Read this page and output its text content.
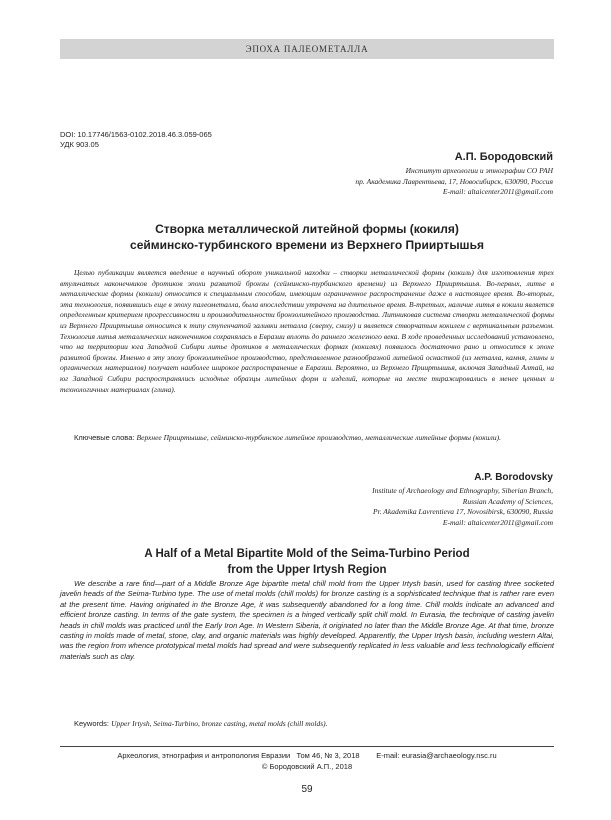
ЭПОХА ПАЛЕОМЕТАЛЛА
DOI: 10.17746/1563-0102.2018.46.3.059-065
УДК 903.05
А.П. Бородовский
Институт археологии и этнографии СО РАН
пр. Академика Лаврентьева, 17, Новосибирск, 630090, Россия
E-mail: altaicenter2011@gmail.com
Створка металлической литейной формы (кокиля)
сейминско-турбинского времени из Верхнего Прииртышья

Целью публикации является введение в научный оборот уникальной находки – створки металлической формы (кокиль) для изготовления трех втульчатых наконечников дротиков эпохи развитой бронзы (сейминско-турбинского времени) из Верхнего Прииртышья. Во-первых, литье в металлические формы (кокили) относится к специальным способам, имеющим ограниченное распространение даже в настоящее время. Во-вторых, эта технология, появившись еще в эпоху палеометалла, была впоследствии утрачена на длительное время. В-третьих, наличие литья в кокили является определенным критерием прогрессивности и производительности бронзолитейного производства. Литниковая система створки металлической формы из Верхнего Прииртышья относится к типу ступенчатой заливки металла (сверху, снизу) и является створчатым кокилем с вертикальным разъемом. Технология литья металлических наконечников сохранялась в Евразии вплоть до раннего железного века. В ходе проведенных исследований установлено, что на территории юга Западной Сибири литье дротиков в металлических формах (кокилях) появилось достаточно рано и относится к эпохе развитой бронзы. Именно в эту эпоху бронзолитейное производство, представленное разнообразной литейной оснасткой (из металла, камня, глины и органических материалов) получает наиболее широкое распространение в Евразии. Вероятно, из Верхнего Прииртышья, включая Западный Алтай, на юг Западной Сибири распространялись исходные образцы литейных форм и изделий, которые на месте тиражировались в менее ценных и технологичных материалах (глина).

Ключевые слова: Верхнее Прииртышье, сейминско-турбинское литейное производство, металлические литейные формы (кокили).
A.P. Borodovsky
Institute of Archaeology and Ethnography, Siberian Branch,
Russian Academy of Sciences,
Pr. Akademika Lavrentieva 17, Novosibirsk, 630090, Russia
E-mail: altaicenter2011@gmail.com
A Half of a Metal Bipartite Mold of the Seima-Turbino Period
from the Upper Irtysh Region

We describe a rare find—part of a Middle Bronze Age bipartite metal chill mold from the Upper Irtysh basin, used for casting three socketed javelin heads of the Seima-Turbino type. The use of metal molds (chill molds) for bronze casting is a sophisticated technique that is rather rare even at the present time. Having originated in the Bronze Age, it was subsequently abandoned for a long time. Chill molds indicate an advanced and efficient bronze casting. In terms of the gate system, the specimen is a hinged vertically split chill mold. In Eurasia, the technique of casting javelin heads in chill molds was practiced until the Early Iron Age. In Western Siberia, it originated no later than the Middle Bronze Age. At that time, bronze casting in molds made of metal, stone, clay, and organic materials was highly developed. Apparently, the Upper Irtysh basin, including western Altai, was the region from whence prototypical metal molds had spread and were subsequently replicated in less valuable and less technologically efficient materials such as clay.

Keywords: Upper Irtysh, Seima-Turbino, bronze casting, metal molds (chill molds).
Археология, этнография и антропология Евразии   Том 46, № 3, 2018        E-mail: eurasia@archaeology.nsc.ru
© Бородовский А.П., 2018
59
